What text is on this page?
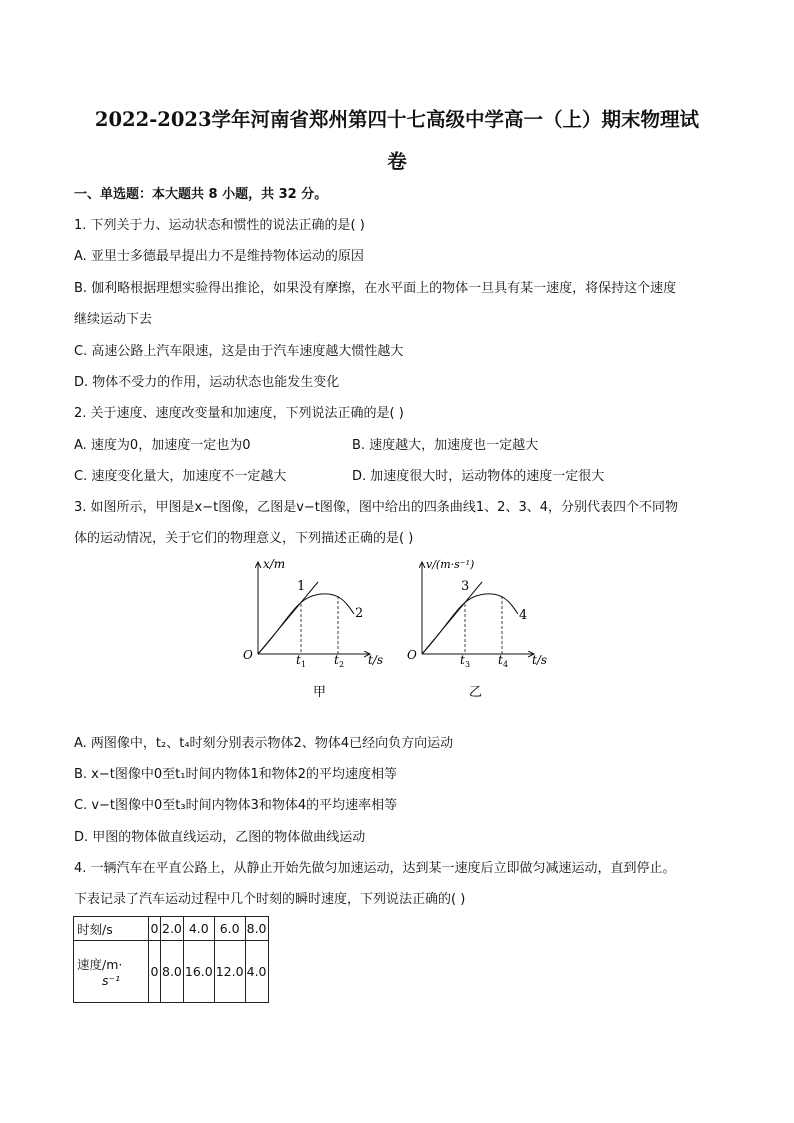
2022-2023学年河南省郑州第四十七高级中学高一（上）期末物理试
卷
一、单选题：本大题共 8 小题，共 32 分。
1. 下列关于力、运动状态和惯性的说法正确的是( )
A. 亚里士多德最早提出力不是维持物体运动的原因
B. 伽利略根据理想实验得出推论，如果没有摩擦，在水平面上的物体一旦具有某一速度，将保持这个速度
继续运动下去
C. 高速公路上汽车限速，这是由于汽车速度越大惯性越大
D. 物体不受力的作用，运动状态也能发生变化
2. 关于速度、速度改变量和加速度，下列说法正确的是( )
A. 速度为0，加速度一定也为0	B. 速度越大，加速度也一定越大
C. 速度变化量大，加速度不一定越大	D. 加速度很大时，运动物体的速度一定很大
3. 如图所示，甲图是x−t图像，乙图是v−t图像，图中给出的四条曲线1、2、3、4，分别代表四个不同物
体的运动情况，关于它们的物理意义，下列描述正确的是( )
x/m
t/s
O
1
2
t 1 t 2
甲
v/(m·s⁻¹)
t/s
O
3
4
t 3 t 4
乙
A. 两图像中，t₂、t₄时刻分别表示物体2、物体4已经向负方向运动
B. x−t图像中0至t₁时间内物体1和物体2的平均速度相等
C. v−t图像中0至t₃时间内物体3和物体4的平均速率相等
D. 甲图的物体做直线运动，乙图的物体做曲线运动
4. 一辆汽车在平直公路上，从静止开始先做匀加速运动，达到某一速度后立即做匀减速运动，直到停止。
下表记录了汽车运动过程中几个时刻的瞬时速度，下列说法正确的( )
时刻/s	0	2.0	4.0	6.0	8.0

速度/m·
s⁻¹	0	8.0	16.0	12.0	4.0
